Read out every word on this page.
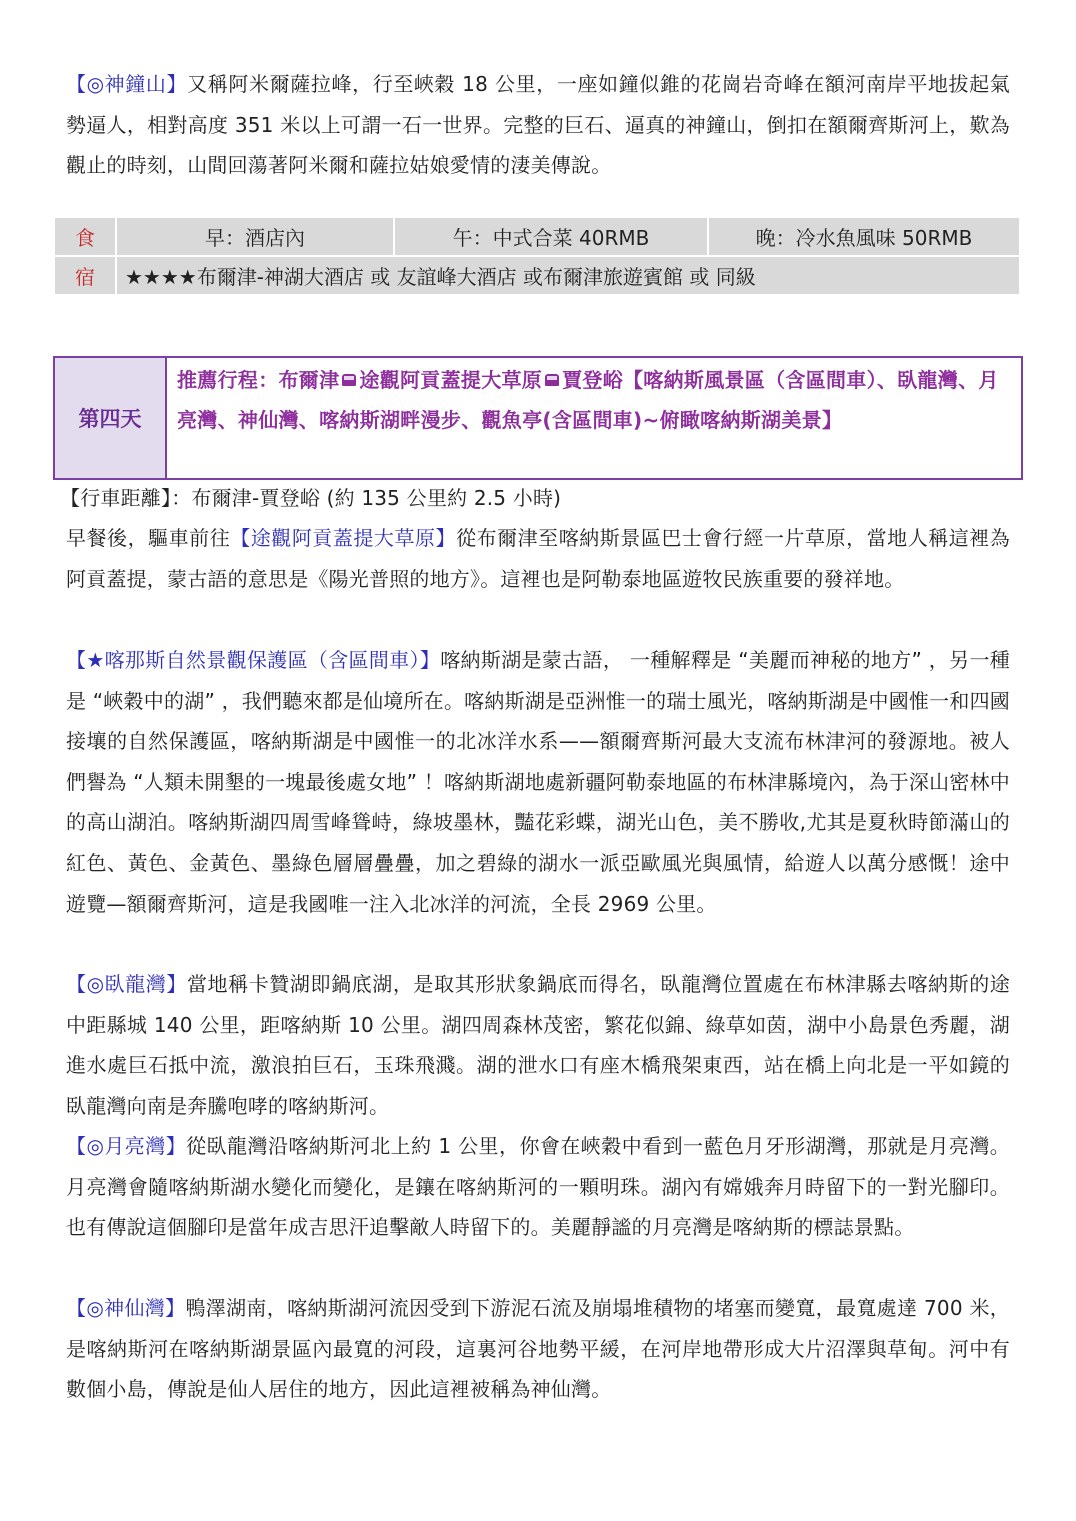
【◎神鐘山】又稱阿米爾薩拉峰，行至峽穀 18 公里，一座如鐘似錐的花崗岩奇峰在額河南岸平地拔起氣勢逼人，相對高度 351 米以上可謂一石一世界。完整的巨石、逼真的神鐘山，倒扣在額爾齊斯河上，歎為觀止的時刻，山間回蕩著阿米爾和薩拉姑娘愛情的淒美傳說。

食	早：酒店內	午：中式合菜 40RMB	晚：冷水魚風味 50RMB
宿	★★★★布爾津-神湖大酒店 或 友誼峰大酒店 或布爾津旅遊賓館 或 同級		
第四天
推薦行程：布爾津 途觀阿貢蓋提大草原 賈登峪【喀納斯風景區（含區間車）、臥龍灣、月亮灣、神仙灣、喀納斯湖畔漫步、觀魚亭(含區間車)~俯瞰喀納斯湖美景】

【行車距離】：布爾津-賈登峪 (約 135 公里約 2.5 小時)

早餐後，驅車前往【途觀阿貢蓋提大草原】從布爾津至喀納斯景區巴士會行經一片草原，當地人稱這裡為阿貢蓋提，蒙古語的意思是《陽光普照的地方》。這裡也是阿勒泰地區遊牧民族重要的發祥地。

【★喀那斯自然景觀保護區（含區間車）】喀納斯湖是蒙古語， 一種解釋是 “美麗而神秘的地方” ，另一種是 “峽穀中的湖” ，我們聽來都是仙境所在。喀納斯湖是亞洲惟一的瑞士風光，喀納斯湖是中國惟一和四國接壤的自然保護區，喀納斯湖是中國惟一的北冰洋水系——額爾齊斯河最大支流布林津河的發源地。被人們譽為 “人類未開墾的一塊最後處女地” ！喀納斯湖地處新疆阿勒泰地區的布林津縣境內，為于深山密林中的高山湖泊。喀納斯湖四周雪峰聳峙，綠坡墨林，豔花彩蝶，湖光山色，美不勝收,尤其是夏秋時節滿山的紅色、黃色、金黃色、墨綠色層層疊疊，加之碧綠的湖水一派亞歐風光與風情，給遊人以萬分感慨！途中遊覽—額爾齊斯河，這是我國唯一注入北冰洋的河流，全長 2969 公里。

【◎臥龍灣】當地稱卡贊湖即鍋底湖，是取其形狀象鍋底而得名，臥龍灣位置處在布林津縣去喀納斯的途中距縣城 140 公里，距喀納斯 10 公里。湖四周森林茂密，繁花似錦、綠草如茵，湖中小島景色秀麗，湖進水處巨石抵中流，激浪拍巨石，玉珠飛濺。湖的泄水口有座木橋飛架東西，站在橋上向北是一平如鏡的臥龍灣向南是奔騰咆哮的喀納斯河。

【◎月亮灣】從臥龍灣沿喀納斯河北上約 1 公里，你會在峽穀中看到一藍色月牙形湖灣，那就是月亮灣。月亮灣會隨喀納斯湖水變化而變化，是鑲在喀納斯河的一顆明珠。湖內有嫦娥奔月時留下的一對光腳印。也有傳說這個腳印是當年成吉思汗追擊敵人時留下的。美麗靜謐的月亮灣是喀納斯的標誌景點。

【◎神仙灣】鴨澤湖南，喀納斯湖河流因受到下游泥石流及崩塌堆積物的堵塞而變寬，最寬處達 700 米，是喀納斯河在喀納斯湖景區內最寬的河段，這裏河谷地勢平緩，在河岸地帶形成大片沼澤與草甸。河中有數個小島，傳說是仙人居住的地方，因此這裡被稱為神仙灣。
